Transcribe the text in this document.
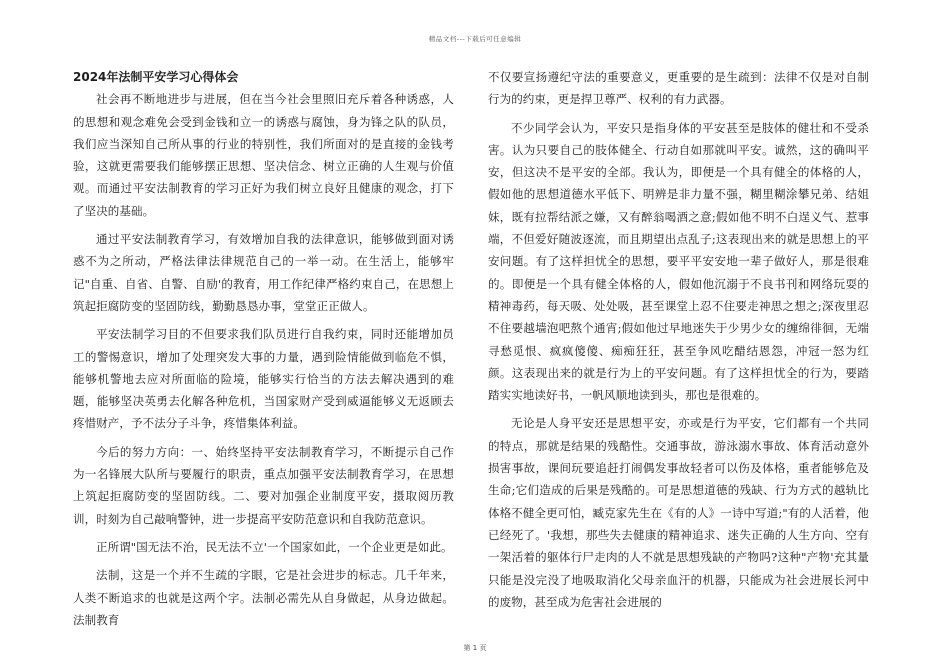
精品文档---下载后可任意编辑
2024年法制平安学习心得体会

社会再不断地进步与进展，但在当今社会里照旧充斥着各种诱惑，人的思想和观念难免会受到金钱和立一的诱惑与腐蚀，身为锋之队的队员，我们应当深知自己所从事的行业的特别性，我们所面对的是直接的金钱考验，这就更需要我们能够摆正思想、坚决信念、树立正确的人生观与价值观。而通过平安法制教育的学习正好为我们树立良好且健康的观念，打下了坚决的基础。

通过平安法制教育学习，有效增加自我的法律意识，能够做到面对诱惑不为之所动，严格法律法律规范自己的一举一动。在生活上，能够牢记"自重、自省、自警、自励'的教育，用工作纪律严格约束自己，在思想上筑起拒腐防变的坚固防线，勤勤恳恳办事，堂堂正正做人。

平安法制学习目的不但要求我们队员进行自我约束，同时还能增加员工的警惕意识，增加了处理突发大事的力量，遇到险情能做到临危不惧，能够机警地去应对所面临的险境，能够实行恰当的方法去解决遇到的难题，能够坚决英勇去化解各种危机，当国家财产受到威逼能够义无返顾去疼惜财产，予不法分子斗争，疼惜集体利益。

今后的努力方向：一、始终坚持平安法制教育学习，不断提示自己作为一名锋展大队所与要履行的职责，重点加强平安法制教育学习，在思想上筑起拒腐防变的坚固防线。二、要对加强企业制度平安，摄取阅历教训，时刻为自己敲响警钟，进一步提高平安防范意识和自我防范意识。

正所谓"国无法不治，民无法不立'一个国家如此，一个企业更是如此。

法制，这是一个并不生疏的字眼，它是社会进步的标志。几千年来，人类不断追求的也就是这两个字。法制必需先从自身做起，从身边做起。法制教育

不仅要宣扬遵纪守法的重要意义，更重要的是生疏到：法律不仅是对自制行为的约束，更是捍卫尊严、权利的有力武器。

不少同学会认为，平安只是指身体的平安甚至是肢体的健壮和不受杀害。认为只要自己的肢体健全、行动自如那就叫平安。诚然，这的确叫平安，但这决不是平安的全部。我认为，即便是一个具有健全的体格的人，假如他的思想道德水平低下、明辨是非力量不强，糊里糊涂攀兄弟、结姐妹，既有拉帮结派之嫌，又有醉翁喝酒之意;假如他不明不白逞义气、惹事端，不但爱好随波逐流，而且期望出点乱子;这表现出来的就是思想上的平安问题。有了这样担忧全的思想，要平平安安地一辈子做好人，那是很难的。即便是一个具有健全体格的人，假如他沉溺于不良书刊和网络玩耍的精神毒药，每天吸、处处吸，甚至课堂上忍不住要走神思之想之;深夜里忍不住要越墙泡吧熬个通宵;假如他过早地迷失于少男少女的缠绵徘徊，无端寻愁觅恨、疯疯傻傻、痴痴狂狂，甚至争风吃醋结恩怨，冲冠一怒为红颜。这表现出来的就是行为上的平安问题。有了这样担忧全的行为，要踏踏实实地读好书，一帆风顺地读到头，那也是很难的。

无论是人身平安还是思想平安，亦或是行为平安，它们都有一个共同的特点，那就是结果的残酷性。交通事故，游泳溺水事故、体育活动意外损害事故，课间玩要追赶打闹偶发事故轻者可以伤及体格，重者能够危及生命;它们造成的后果是残酷的。可是思想道德的残缺、行为方式的越轨比体格不健全更可怕，臧克家先生在《有的人》一诗中写道;"有的人活着，他已经死了。'我想，那些失去健康的精神追求、迷失正确的人生方向、空有一架活着的躯体行尸走肉的人不就是思想残缺的产物吗?这种"产物'充其量只能是没完没了地吸取消化父母亲血汗的机器，只能成为社会进展长河中的废物，甚至成为危害社会进展的

第 1 页
